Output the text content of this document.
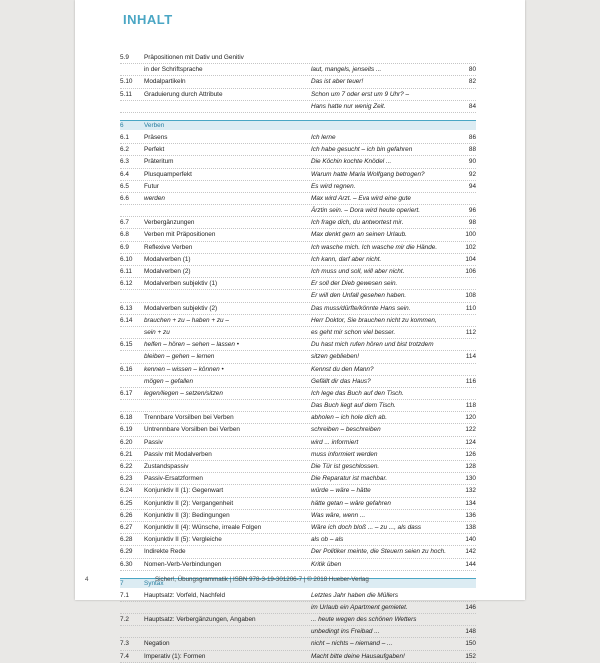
INHALT
5.9	Präpositionen mit Dativ und Genitiv
in der Schriftsprache	laut, mangels, jenseits ...	80
5.10	Modalpartikeln	Das ist aber teuer!	82
5.11	Graduierung durch Attribute	Schon um 7 oder erst um 9 Uhr? –
Hans hatte nur wenig Zeit.	84
6	Verben
6.1	Präsens	Ich lerne	86
6.2	Perfekt	Ich habe gesucht – ich bin gefahren	88
6.3	Präteritum	Die Köchin kochte Knödel ...	90
6.4	Plusquamperfekt	Warum hatte Maria Wolfgang betrogen?	92
6.5	Futur	Es wird regnen.	94
6.6	werden	Max wird Arzt. – Eva wird eine gute
Ärztin sein. – Dora wird heute operiert.	96
6.7	Verbergänzungen	Ich frage dich, du antwortest mir.	98
6.8	Verben mit Präpositionen	Max denkt gern an seinen Urlaub.	100
6.9	Reflexive Verben	Ich wasche mich. Ich wasche mir die Hände.	102
6.10	Modalverben (1)	Ich kann, darf aber nicht.	104
6.11	Modalverben (2)	Ich muss und soll, will aber nicht.	106
6.12	Modalverben subjektiv (1)	Er soll der Dieb gewesen sein.
Er will den Unfall gesehen haben.	108
6.13	Modalverben subjektiv (2)	Das muss/dürfte/könnte Hans sein.	110
6.14	brauchen + zu – haben + zu –	Herr Doktor, Sie brauchen nicht zu kommen,
sein + zu	es geht mir schon viel besser.	112
6.15	helfen – hören – sehen – lassen •	Du hast mich rufen hören und bist trotzdem
bleiben – gehen – lernen	sitzen geblieben!	114
6.16	kennen – wissen – können •	Kennst du den Mann?
mögen – gefallen	Gefällt dir das Haus?	116
6.17	legen/liegen – setzen/sitzen	Ich lege das Buch auf den Tisch.
Das Buch liegt auf dem Tisch.	118
6.18	Trennbare Vorsilben bei Verben	abholen – ich hole dich ab.	120
6.19	Untrennbare Vorsilben bei Verben	schreiben – beschreiben	122
6.20	Passiv	wird ... informiert	124
6.21	Passiv mit Modalverben	muss informiert werden	126
6.22	Zustandspassiv	Die Tür ist geschlossen.	128
6.23	Passiv-Ersatzformen	Die Reparatur ist machbar.	130
6.24	Konjunktiv II (1): Gegenwart	würde – wäre – hätte	132
6.25	Konjunktiv II (2): Vergangenheit	hätte getan – wäre gefahren	134
6.26	Konjunktiv II (3): Bedingungen	Was wäre, wenn ...	136
6.27	Konjunktiv II (4): Wünsche, irreale Folgen	Wäre ich doch bloß ... – zu ..., als dass	138
6.28	Konjunktiv II (5): Vergleiche	als ob – als	140
6.29	Indirekte Rede	Der Politiker meinte, die Steuern seien zu hoch.	142
6.30	Nomen-Verb-Verbindungen	Kritik üben	144
7	Syntax
7.1	Hauptsatz: Vorfeld, Nachfeld	Letztes Jahr haben die Müllers
im Urlaub ein Apartment gemietet.	146
7.2	Hauptsatz: Verbergänzungen, Angaben	... heute wegen des schönen Wetters
unbedingt ins Freibad ...	148
7.3	Negation	nicht – nichts – niemand – ...	150
7.4	Imperativ (1): Formen	Macht bitte deine Hausaufgaben!	152
4	Sicher!, Übungsgrammatik | ISBN 978-3-19-301206-7 | © 2018 Hueber-Verlag
